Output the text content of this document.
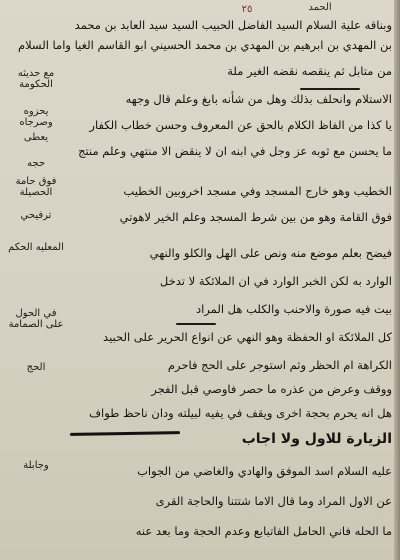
٢٥	الحمد
وبناقه علية السلام السيد الفاضل الحبيب السيد سيد العابد بن محمد
بن المهدي بن ابرهيم بن المهدي بن محمد الحسيني ابو القاسم الغيا واما السلام
من متابل ثم ينقصه نقضه الغير ملة
الاستلام وانحلف بذلك وهل من شأنه بابغ وعلم قال وجهه
يا كذا من الفاظ الكلام بالحق عن المعروف وحسن خطاب الكفار
ما يحسن مع ثوبه عز وجل في ابنه ان لا ينقض الا منتهي وعلم منتج
الخطيب وهو خارج المسجد وفي مسجد اخروبين الخطيب
فوق القامة وهو من بين شرط المسجد وعلم الخير لاهوتي
فيضح بعلم موضع منه ونص على الهل والكلو والنهي
الوارد به لكن الخبر الوارد في ان الملائكة لا تدخل
بيت فيه صورة والاحنب والكلب هل المراد
كل الملائكة او الحفظة وهو النهي عن انواع الحرير على الحبيد
الكراهة ام الحظر وثم استوجر على الحج فاحرم
ووقف وعرض من عذره ما حصر فاوصي قبل الفجر
هل انه يحرم بحجة اخرى ويقف في يفيه لبيلته ودان ناحظ طواف
الزيارة للاول ولا اجاب
عليه السلام اسد الموفق والهادي والغاضي من الجواب
عن الاول المراد وما قال الاما شتتنا والحاجة القرى
ما الحله فاني الحامل الفاتبابع وعدم الحجة وما بعد عنه
مع حديثه الحكومة
يحزوه وصرجاه
يعطى
حجه
فوق حامة الحصيلة
ترفيحي
المعليه الحكم
في الحول على الصمامة
الحج
وجابلة
